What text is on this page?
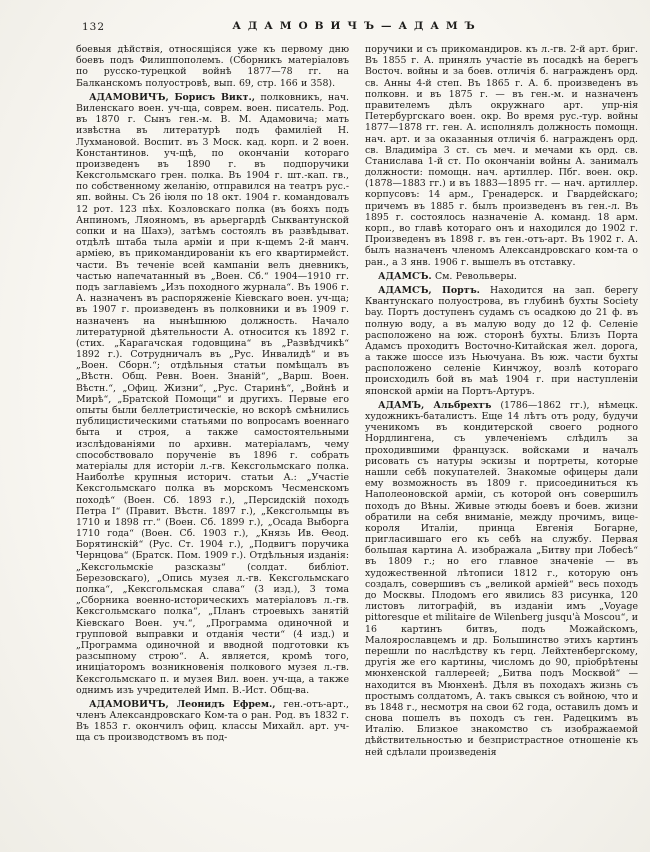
132	АДАМОВИЧЪ—АДАМЪ

боевыя дѣйствія, относящіяся уже къ первому дню боевъ подъ Филиппополемъ. (Сборникъ матеріаловъ по русско-турецкой войнѣ 1877—78 гг. на Балканскомъ полуостровѣ, вып. 69, стр. 166 и 358).

АДАМОВИЧЪ, Борисъ Викт., полковникъ, нач. Виленскаго воен. уч-ща, соврем. воен. писатель. Род. въ 1870 г. Сынъ ген.-м. В. М. Адамовича; мать извѣстна въ литературѣ подъ фамиліей Н. Лухмановой. Воспит. въ 3 Моск. кад. корп. и 2 воен. Константинов. уч-щѣ, по окончаніи котораго произведенъ въ 1890 г. въ подпоручики Кексгольмскаго грен. полка. Въ 1904 г. шт.-кап. гв., по собственному желанію, отправился на театръ рус.-яп. войны. Съ 26 іюля по 18 окт. 1904 г. командовалъ 12 рот. 123 пѣх. Козловскаго полка (въ бояхъ подъ Анпиномъ, Ляояномъ, въ арьергардѣ Сыквантунской сопки и на Шахэ), затѣмъ состоялъ въ развѣдыват. отдѣлѣ штаба тыла арміи и при к-щемъ 2-й манч. арміею, въ прикомандированіи къ его квартирмейст. части. Въ теченіе всей кампаніи велъ дневникъ, частью напечатанный въ „Воен. Сб.“ 1904—1910 гг. подъ заглавіемъ „Изъ походного журнала“. Въ 1906 г. А. назначенъ въ распоряженіе Кіевскаго воен. уч-ща; въ 1907 г. произведенъ въ полковники и въ 1909 г. назначенъ на нынѣшнюю должность. Начало литературной дѣятельности А. относится къ 1892 г. (стих. „Карагачская годовщина“ въ „Развѣдчикѣ“ 1892 г.). Сотрудничалъ въ „Рус. Инвалидѣ“ и въ „Воен. Сборн.“; отдѣльныя статьи помѣщалъ въ „Вѣстн. Общ. Ревн. Воен. Знаній“, „Варш. Воен. Вѣстн.“, „Офиц. Жизни“, „Рус. Старинѣ“, „Войнѣ и Мирѣ“, „Братской Помощи“ и другихъ. Первые его опыты были беллетристическіе, но вскорѣ смѣнились публицистическими статьями по вопросамъ военнаго быта и строя, а также самостоятельными изслѣдованіями по архивн. матеріаламъ, чему способствовало порученіе въ 1896 г. собрать матеріалы для исторіи л.-гв. Кексгольмскаго полка. Наиболѣе крупныя историч. статьи А.: „Участіе Кексгольмскаго полка въ морскомъ Чесменскомъ походѣ“ (Воен. Сб. 1893 г.), „Персидскій походъ Петра I“ (Правит. Вѣстн. 1897 г.), „Кексгольмцы въ 1710 и 1898 гг.“ (Воен. Сб. 1899 г.), „Осада Выборга 1710 года“ (Воен. Сб. 1903 г.), „Князь Ив. Ѳеод. Борятинскій“ (Рус. Ст. 1904 г.), „Подвигъ поручика Чернцова“ (Братск. Пом. 1909 г.). Отдѣльныя изданія: „Кексгольмскіе разсказы“ (солдат. библіот. Березовскаго), „Опись музея л.-гв. Кексгольмскаго полка“, „Кексгольмская слава“ (3 изд.), 3 тома „Сборника военно-историческихъ матеріаловъ л.-гв. Кексгольмскаго полка“, „Планъ строевыхъ занятій Кіевскаго Воен. уч.“, „Программа одиночной и групповой выправки и отданія чести“ (4 изд.) и „Программа одиночной и вводной подготовки къ разсыпному строю“. А. является, кромѣ того, иниціаторомъ возникновенія полкового музея л.-гв. Кексгольмскаго п. и музея Вил. воен. уч-ща, а также однимъ изъ учредителей Имп. В.-Ист. Общ-ва.

АДАМОВИЧЪ, Леонидъ Ефрем., ген.-отъ-арт., членъ Александровскаго Ком-та о ран. Род. въ 1832 г. Въ 1853 г. окончилъ офиц. классы Михайл. арт. уч-ща съ производствомъ въ под-

поручики и съ прикомандиров. къ л.-гв. 2-й арт. бриг. Въ 1855 г. А. принялъ участіе въ посадкѣ на берегъ Восточ. войны и за боев. отличія б. награжденъ орд. св. Анны 4-й степ. Въ 1865 г. А. б. произведенъ въ полковн. и въ 1875 г. — въ ген.-м. и назначенъ правителемъ дѣлъ окружнаго арт. упр-нія Петербургскаго воен. окр. Во время рус.-тур. войны 1877—1878 гг. ген. А. исполнялъ должность помощн. нач. арт. и за оказанныя отличія б. награжденъ орд. св. Владиміра 3 ст. съ меч. и мечами къ орд. св. Станислава 1-й ст. По окончаніи войны А. занималъ должности: помощн. нач. артиллер. Пбг. воен. окр. (1878—1883 гг.) и въ 1883—1895 гг. — нач. артиллер. корпусовъ: 14 арм., Гренадерск. и Гвардейскаго; причемъ въ 1885 г. былъ произведенъ въ ген.-л. Въ 1895 г. состоялось назначеніе А. команд. 18 арм. корп., во главѣ котораго онъ и находился до 1902 г. Произведенъ въ 1898 г. въ ген.-отъ-арт. Въ 1902 г. А. былъ назначенъ членомъ Александровскаго ком-та о ран., а 3 янв. 1906 г. вышелъ въ отставку.

АДАМСЪ. См. Револьверы.

АДАМСЪ, Портъ. Находится на зап. берегу Квантунскаго полуострова, въ глубинѣ бухты Society bay. Портъ доступенъ судамъ съ осадкою до 21 ф. въ полную воду, а въ малую воду до 12 ф. Селеніе расположено на юж. сторонѣ бухты. Близъ Порта Адамсъ проходитъ Восточно-Китайская жел. дорога, а также шоссе изъ Ньючуана. Въ юж. части бухты расположено селеніе Кинчжоу, возлѣ котораго происходилъ бой въ маѣ 1904 г. при наступленіи японской арміи на Портъ-Артуръ.

АДАМЪ, Альбрехтъ (1786—1862 гг.), нѣмецк. художникъ-баталистъ. Еще 14 лѣтъ отъ роду, будучи ученикомъ въ кондитерской своего родного Нордлингена, съ увлеченіемъ слѣдилъ за проходившими французск. войсками и началъ рисовать съ натуры эскизы и портреты, которые нашли себѣ покупателей. Знакомые офицеры дали ему возможность въ 1809 г. присоединиться къ Наполеоновской арміи, съ которой онъ совершилъ походъ до Вѣны. Живые этюды боевъ и боев. жизни обратили на себя вниманіе, между прочимъ, вице-короля Италіи, принца Евгенія Богарне, пригласившаго его къ себѣ на службу. Первая большая картина А. изображала „Битву при Лобесѣ“ въ 1809 г.; но его главное значеніе — въ художественной лѣтописи 1812 г., которую онъ создалъ, совершивъ съ „великой арміей“ весь походъ до Москвы. Плодомъ его явились 83 рисунка, 120 листовъ литографій, въ изданіи имъ „Voyage pittoresque et militaire de Wilenberg jusqu'à Moscou“, и 16 картинъ битвъ, подъ Можайскомъ, Малоярославцемъ и др. Большинство этихъ картинъ перешли по наслѣдству къ герц. Лейхтенбергскому, другія же его картины, числомъ до 90, пріобрѣтены мюнхенской галлереей; „Битва подъ Москвой“ — находится въ Мюнхенѣ. Дѣля въ походахъ жизнь съ простымъ солдатомъ, А. такъ свыкся съ войною, что и въ 1848 г., несмотря на свои 62 года, оставилъ домъ и снова пошелъ въ походъ съ ген. Радецкимъ въ Италію. Близкое знакомство съ изображаемой дѣйствительностью и безпристрастное отношеніе къ ней сдѣлали произведенія
